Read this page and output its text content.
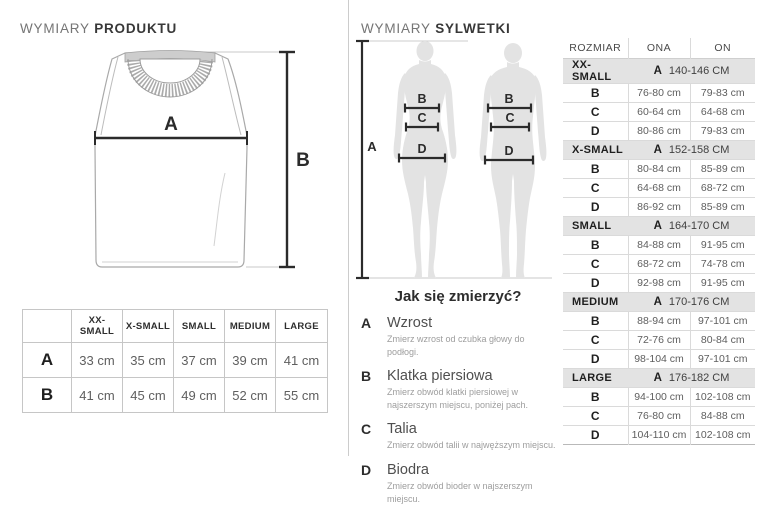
WYMIARY PRODUKTU
A
B
	XX-SMALL	X-SMALL	SMALL	MEDIUM	LARGE
A	33 cm	35 cm	37 cm	39 cm	41 cm
B	41 cm	45 cm	49 cm	52 cm	55 cm
WYMIARY SYLWETKI
A
B
C
D
B
C
D
Jak się zmierzyć?
A	Wzrost
Zmierz wzrost od czubka głowy do podłogi.
B	Klatka piersiowa
Zmierz obwód klatki piersiowej w najszerszym miejscu, poniżej pach.
C	Talia
Zmierz obwód talii w najwęższym miejscu.
D	Biodra
Zmierz obwód bioder w najszerszym miejscu.
ROZMIAR	ONA	ON
XX-SMALL	A 140-146 CM	
B	76-80 cm	79-83 cm
C	60-64 cm	64-68 cm
D	80-86 cm	79-83 cm
X-SMALL	A 152-158 CM	
B	80-84 cm	85-89 cm
C	64-68 cm	68-72 cm
D	86-92 cm	85-89 cm
SMALL	A 164-170 CM	
B	84-88 cm	91-95 cm
C	68-72 cm	74-78 cm
D	92-98 cm	91-95 cm
MEDIUM	A 170-176 CM	
B	88-94 cm	97-101 cm
C	72-76 cm	80-84 cm
D	98-104 cm	97-101 cm
LARGE	A 176-182 CM	
B	94-100 cm	102-108 cm
C	76-80 cm	84-88 cm
D	104-110 cm	102-108 cm
